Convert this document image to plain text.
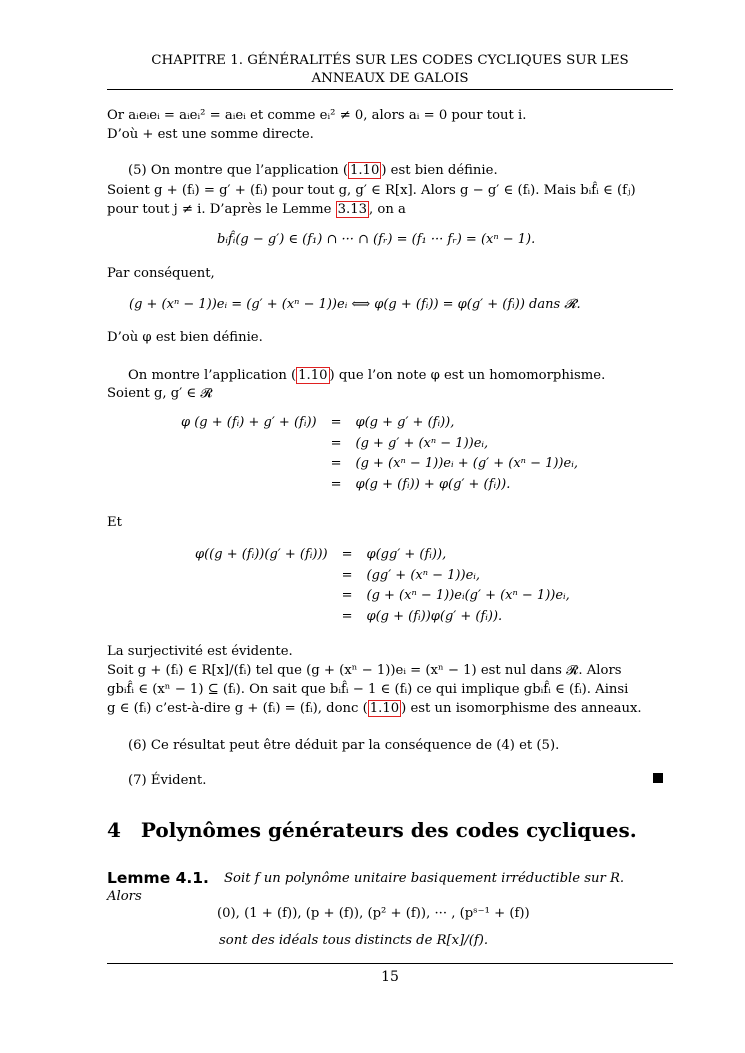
CHAPITRE 1. GÉNÉRALITÉS SUR LES CODES CYCLIQUES SUR LES
ANNEAUX DE GALOIS
Or aᵢeᵢeᵢ = aᵢeᵢ² = aᵢeᵢ et comme eᵢ² ≠ 0, alors aᵢ = 0 pour tout i.
D’où + est une somme directe.
(5) On montre que l’application ( 1.10 ) est bien définie.
Soient g + (fᵢ) = g′ + (fᵢ) pour tout g, g′ ∈ R[x]. Alors g − g′ ∈ (fᵢ). Mais bᵢf̂ᵢ ∈ (fⱼ)
pour tout j ≠ i. D’après le Lemme 3.13 , on a
bᵢf̂ᵢ(g − g′) ∈ (f₁) ∩ ··· ∩ (fᵣ) = (f₁ ··· fᵣ) = (xⁿ − 1).
Par conséquent,
(g + (xⁿ − 1))eᵢ = (g′ + (xⁿ − 1))eᵢ ⟺ φ(g + (fᵢ)) = φ(g′ + (fᵢ)) dans 𝓡.
D’où φ est bien définie.
On montre l’application ( 1.10 ) que l’on note φ est un homomorphisme.
Soient g, g′ ∈ 𝓡
φ (g + (fᵢ) + g′ + (fᵢ)) = φ(g + g′ + (fᵢ)),
= (g + g′ + (xⁿ − 1))eᵢ,
= (g + (xⁿ − 1))eᵢ + (g′ + (xⁿ − 1))eᵢ,
= φ(g + (fᵢ)) + φ(g′ + (fᵢ)).
Et
φ((g + (fᵢ))(g′ + (fᵢ))) = φ(gg′ + (fᵢ)),
= (gg′ + (xⁿ − 1))eᵢ,
= (g + (xⁿ − 1))eᵢ(g′ + (xⁿ − 1))eᵢ,
= φ(g + (fᵢ))φ(g′ + (fᵢ)).
La surjectivité est évidente.
Soit g + (fᵢ) ∈ R[x]/(fᵢ) tel que (g + (xⁿ − 1))eᵢ = (xⁿ − 1) est nul dans 𝓡. Alors
gbᵢf̂ᵢ ∈ (xⁿ − 1) ⊆ (fᵢ). On sait que bᵢf̂ᵢ − 1 ∈ (fᵢ) ce qui implique gbᵢf̂ᵢ ∈ (fᵢ). Ainsi
g ∈ (fᵢ) c’est-à-dire g + (fᵢ) = (fᵢ), donc ( 1.10 ) est un isomorphisme des anneaux.
(6) Ce résultat peut être déduit par la conséquence de (4) et (5).
(7) Évident.
4 Polynômes générateurs des codes cycliques.
Lemme 4.1. Soit f un polynôme unitaire basiquement irréductible sur R.
Alors
(0), (1 + (f)), (p + (f)), (p² + (f)), ··· , (pˢ⁻¹ + (f))
sont des idéals tous distincts de R[x]/(f).
15
